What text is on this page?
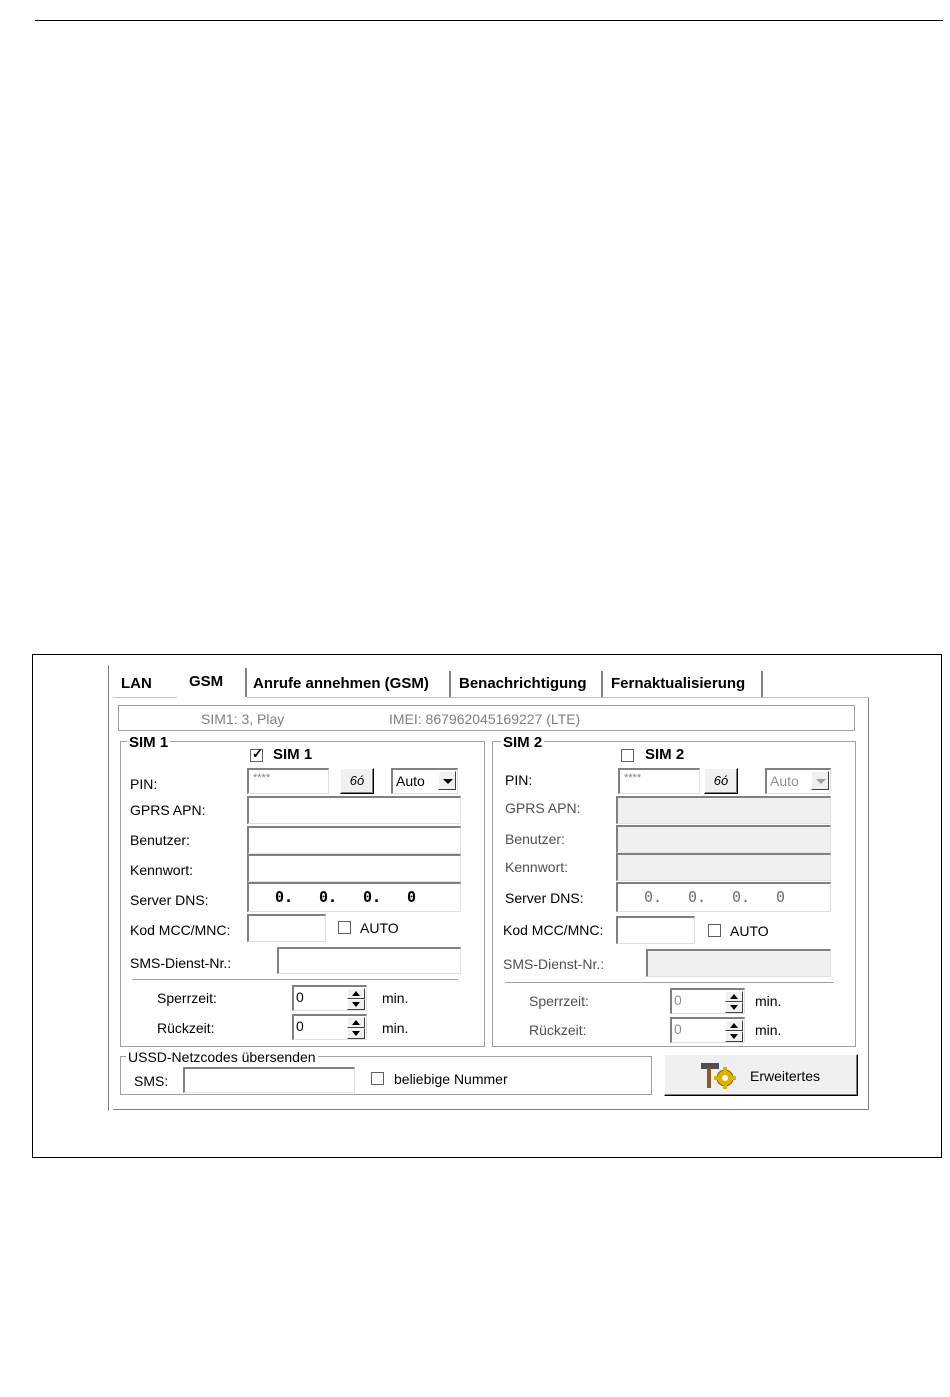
LAN	GSM	Anrufe annehmen (GSM)	Benachrichtigung	Fernaktualisierung
SIM1: 3, Play	IMEI: 867962045169227 (LTE)
SIM 1
✓ SIM 1
PIN:	****	6ó	Auto
GPRS APN:
Benutzer:
Kennwort:
Server DNS:	0. 0. 0. 0
Kod MCC/MNC:	AUTO
SMS-Dienst-Nr.:
Sperrzeit:	0	min.
Rückzeit:	0	min.
SIM 2
SIM 2
PIN:	****	6ó	Auto
GPRS APN:
Benutzer:
Kennwort:
Server DNS:	0. 0. 0. 0
Kod MCC/MNC:	AUTO
SMS-Dienst-Nr.:
Sperrzeit:	0	min.
Rückzeit:	0	min.
USSD-Netzcodes übersenden
SMS:	beliebige Nummer	Erweitertes
